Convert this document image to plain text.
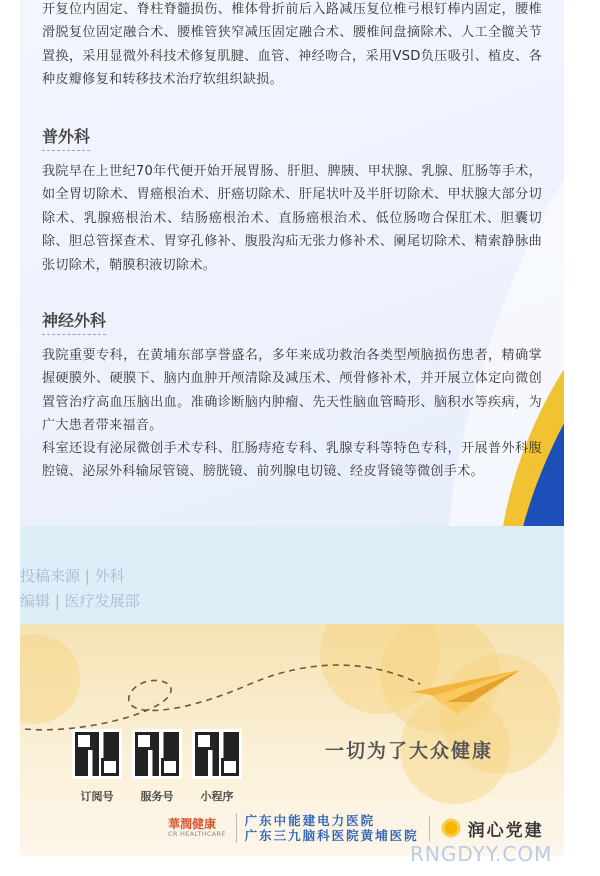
开复位内固定、脊柱脊髓损伤、椎体骨折前后入路减压复位椎弓根钉棒内固定，腰椎滑脱复位固定融合术、腰椎管狭窄减压固定融合术、腰椎间盘摘除术、人工全髋关节置换，采用显微外科技术修复肌腱、血管、神经吻合，采用VSD负压吸引、植皮、各种皮瓣修复和转移技术治疗软组织缺损。

普外科

我院早在上世纪70年代便开始开展胃肠、肝胆、脾胰、甲状腺、乳腺、肛肠等手术，如全胃切除术、胃癌根治术、肝癌切除术、肝尾状叶及半肝切除术、甲状腺大部分切除术、乳腺癌根治术、结肠癌根治术、直肠癌根治术、低位肠吻合保肛术、胆囊切除、胆总管探查术、胃穿孔修补、腹股沟疝无张力修补术、阑尾切除术、精索静脉曲张切除术，鞘膜积液切除术。

神经外科

我院重要专科，在黄埔东部享誉盛名，多年来成功救治各类型颅脑损伤患者，精确掌握硬膜外、硬膜下、脑内血肿开颅清除及减压术、颅骨修补术，并开展立体定向微创置管治疗高血压脑出血。准确诊断脑内肿瘤、先天性脑血管畸形、脑积水等疾病，为广大患者带来福音。

科室还设有泌尿微创手术专科、肛肠痔疮专科、乳腺专科等特色专科，开展普外科腹腔镜、泌尿外科输尿管镜、膀胱镜、前列腺电切镜、经皮肾镜等微创手术。

投稿来源 | 外科
编辑 | 医疗发展部
订阅号	服务号	小程序
一切为了大众健康
華潤健康
CR HEALTHCARE
广东中能建电力医院
广东三九脑科医院黄埔医院	润心党建
RNGDYY.COM
